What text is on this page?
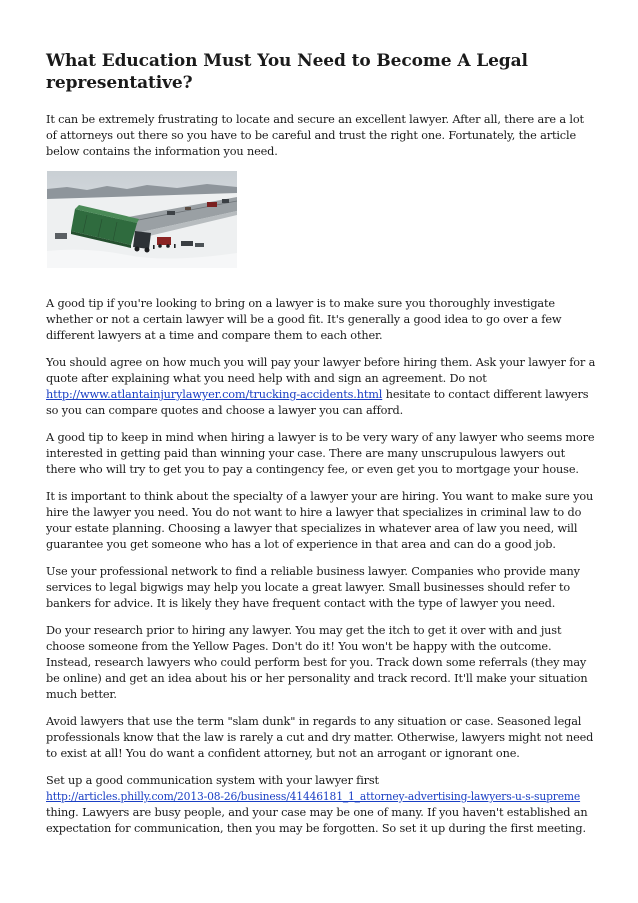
What Education Must You Need to Become A Legal representative?

It can be extremely frustrating to locate and secure an excellent lawyer. After all, there are a lot of attorneys out there so you have to be careful and trust the right one. Fortunately, the article below contains the information you need.

A good tip if you're looking to bring on a lawyer is to make sure you thoroughly investigate whether or not a certain lawyer will be a good fit. It's generally a good idea to go over a few different lawyers at a time and compare them to each other.

You should agree on how much you will pay your lawyer before hiring them. Ask your lawyer for a quote after explaining what you need help with and sign an agreement. Do not http://www.atlantainjurylawyer.com/trucking-accidents.html hesitate to contact different lawyers so you can compare quotes and choose a lawyer you can afford.

A good tip to keep in mind when hiring a lawyer is to be very wary of any lawyer who seems more interested in getting paid than winning your case. There are many unscrupulous lawyers out there who will try to get you to pay a contingency fee, or even get you to mortgage your house.

It is important to think about the specialty of a lawyer your are hiring. You want to make sure you hire the lawyer you need. You do not want to hire a lawyer that specializes in criminal law to do your estate planning. Choosing a lawyer that specializes in whatever area of law you need, will guarantee you get someone who has a lot of experience in that area and can do a good job.

Use your professional network to find a reliable business lawyer. Companies who provide many services to legal bigwigs may help you locate a great lawyer. Small businesses should refer to bankers for advice. It is likely they have frequent contact with the type of lawyer you need.

Do your research prior to hiring any lawyer. You may get the itch to get it over with and just choose someone from the Yellow Pages. Don't do it! You won't be happy with the outcome. Instead, research lawyers who could perform best for you. Track down some referrals (they may be online) and get an idea about his or her personality and track record. It'll make your situation much better.

Avoid lawyers that use the term "slam dunk" in regards to any situation or case. Seasoned legal professionals know that the law is rarely a cut and dry matter. Otherwise, lawyers might not need to exist at all! You do want a confident attorney, but not an arrogant or ignorant one.

Set up a good communication system with your lawyer first

http://articles.philly.com/2013-08-26/business/41446181_1_attorney-advertising-lawyers-u-s-supreme
thing. Lawyers are busy people, and your case may be one of many. If you haven't established an expectation for communication, then you may be forgotten. So set it up during the first meeting.
